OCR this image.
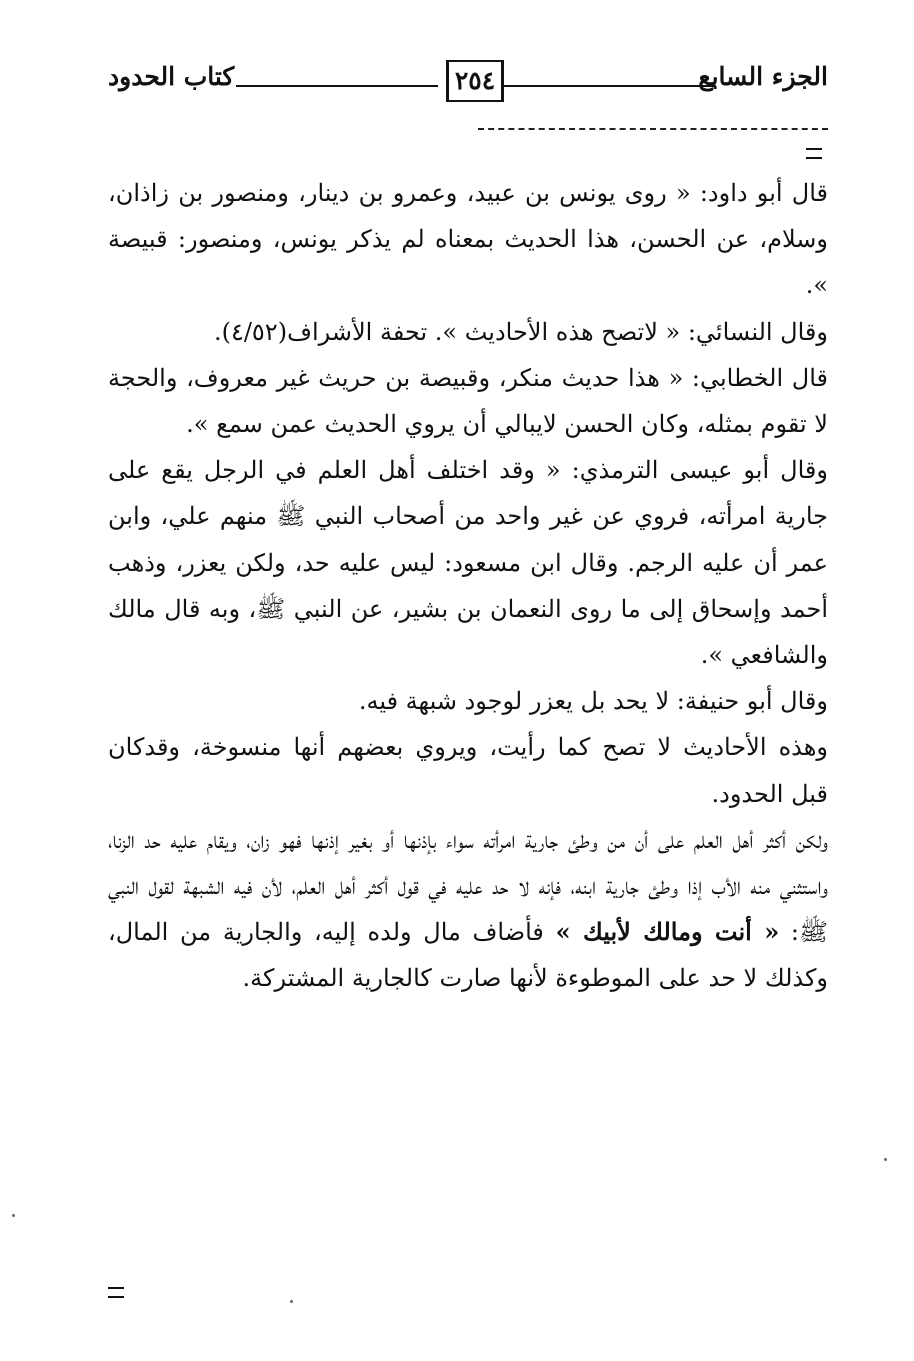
الجزء السابع
٢٥٤
كتاب الحدود

قال أبو داود: « روى يونس بن عبيد، وعمرو بن دينار، ومنصور بن زاذان، وسلام، عن الحسن، هذا الحديث بمعناه لم يذكر يونس، ومنصور: قبيصة ».

وقال النسائي: « لاتصح هذه الأحاديث ». تحفة الأشراف(٤/٥٢).

قال الخطابي: « هذا حديث منكر، وقبيصة بن حريث غير معروف، والحجة لا تقوم بمثله، وكان الحسن لايبالي أن يروي الحديث عمن سمع ».

وقال أبو عيسى الترمذي: « وقد اختلف أهل العلم في الرجل يقع على جارية امرأته، فروي عن غير واحد من أصحاب النبي ﷺ منهم علي، وابن عمر أن عليه الرجم. وقال ابن مسعود: ليس عليه حد، ولكن يعزر، وذهب أحمد وإسحاق إلى ما روى النعمان بن بشير، عن النبي ﷺ، وبه قال مالك والشافعي ».

وقال أبو حنيفة: لا يحد بل يعزر لوجود شبهة فيه.

وهذه الأحاديث لا تصح كما رأيت، ويروي بعضهم أنها منسوخة، وقدكان قبل الحدود.

ولكن أكثر أهل العلم على أن من وطئ جارية امرأته سواء بإذنها أو بغير إذنها فهو زان، ويقام عليه حد الزنا، واستثني منه الأب إذا وطئ جارية ابنه، فإنه لا حد عليه في قول أكثر أهل العلم، لأن فيه الشبهة لقول النبي ﷺ: « أنت ومالك لأبيك » فأضاف مال ولده إليه، والجارية من المال، وكذلك لا حد على الموطوءة لأنها صارت كالجارية المشتركة.
